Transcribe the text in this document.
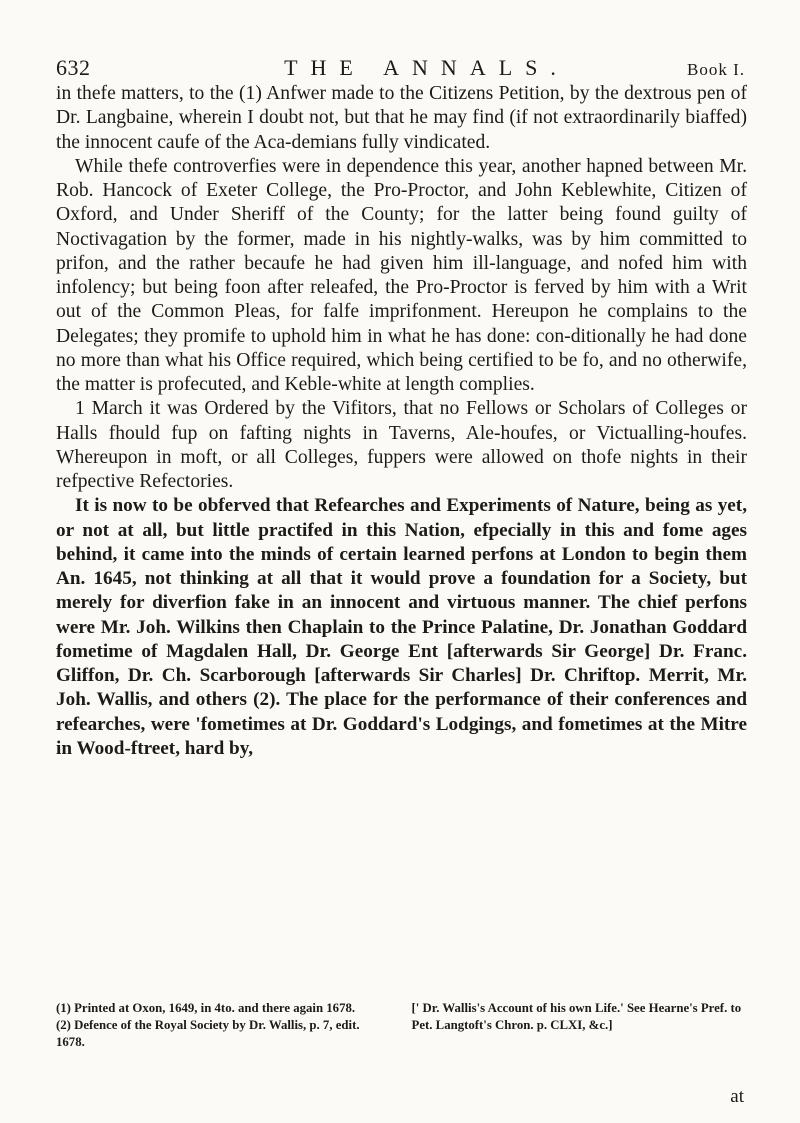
632	THE ANNALS.	Book I.

in thefe matters, to the (1) Anfwer made to the Citizens Petition, by the dextrous pen of Dr. Langbaine, wherein I doubt not, but that he may find (if not extraordinarily biaffed) the innocent caufe of the Aca-demians fully vindicated.

While thefe controverfies were in dependence this year, another hapned between Mr. Rob. Hancock of Exeter College, the Pro-Proctor, and John Keblewhite, Citizen of Oxford, and Under Sheriff of the County; for the latter being found guilty of Noctivagation by the former, made in his nightly-walks, was by him committed to prifon, and the rather becaufe he had given him ill-language, and nofed him with infolency; but being foon after releafed, the Pro-Proctor is ferved by him with a Writ out of the Common Pleas, for falfe imprifonment. Hereupon he complains to the Delegates; they promife to uphold him in what he has done: con-ditionally he had done no more than what his Office required, which being certified to be fo, and no otherwife, the matter is profecuted, and Keble-white at length complies.

1 March it was Ordered by the Vifitors, that no Fellows or Scholars of Colleges or Halls fhould fup on fafting nights in Taverns, Ale-houfes, or Victualling-houfes. Whereupon in moft, or all Colleges, fuppers were allowed on thofe nights in their refpective Refectories.

It is now to be obferved that Refearches and Experiments of Nature, being as yet, or not at all, but little practifed in this Nation, efpecially in this and fome ages behind, it came into the minds of certain learned perfons at London to begin them An. 1645, not thinking at all that it would prove a foundation for a Society, but merely for diverfion fake in an innocent and virtuous manner. The chief perfons were Mr. Joh. Wilkins then Chaplain to the Prince Palatine, Dr. Jonathan Goddard fometime of Magdalen Hall, Dr. George Ent [afterwards Sir George] Dr. Franc. Gliffon, Dr. Ch. Scarborough [afterwards Sir Charles] Dr. Chriftop. Merrit, Mr. Joh. Wallis, and others (2). The place for the performance of their conferences and refearches, were 'fometimes at Dr. Goddard's Lodgings, and fometimes at the Mitre in Wood-ftreet, hard by,

(1) Printed at Oxon, 1649, in 4to. and there again 1678.

(2) Defence of the Royal Society by Dr. Wallis, p. 7, edit. 1678.

[' Dr. Wallis's Account of his own Life.' See Hearne's Pref. to Pet. Langtoft's Chron. p. CLXI, &c.]

at
